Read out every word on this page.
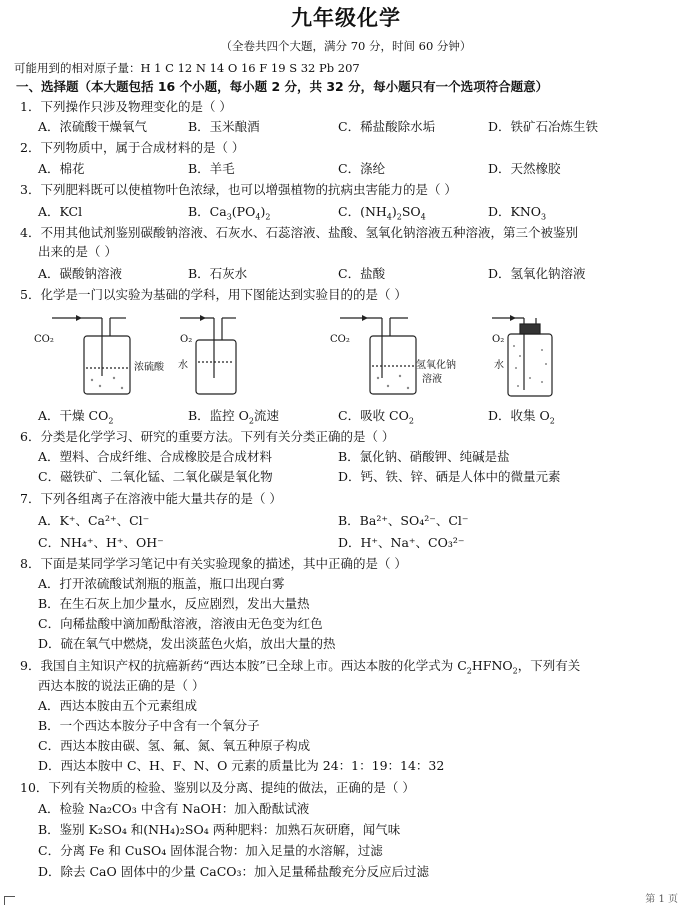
九年级化学
（全卷共四个大题，满分 70 分，时间 60 分钟）
可能用到的相对原子量：H 1 C 12 N 14 O 16 F 19 S 32 Pb 207
一、选择题（本大题包括 16 个小题，每小题 2 分，共 32 分，每小题只有一个选项符合题意）
1．下列操作只涉及物理变化的是（ ）
A．浓硫酸干燥氧气	B．玉米酿酒	C．稀盐酸除水垢	D．铁矿石冶炼生铁
2．下列物质中，属于合成材料的是（ ）
A．棉花	B．羊毛	C．涤纶	D．天然橡胶
3．下列肥料既可以使植物叶色浓绿，也可以增强植物的抗病虫害能力的是（ ）
A．KCl	B．$Ca_3(PO_4)_2$	C．$(NH_4)_2SO_4$	D．$KNO_3$
4．不用其他试剂鉴别碳酸钠溶液、石灰水、石蕊溶液、盐酸、氢氧化钠溶液五种溶液，第三个被鉴别
出来的是（ ）
A．碳酸钠溶液	B．石灰水	C．盐酸	D．氢氧化钠溶液
5．化学是一门以实验为基础的学科，用下图能达到实验目的的是（ ）
CO₂
浓硫酸
O₂
水
CO₂
氢氧化钠
溶液
O₂
水
A．干燥 $CO_2$	B．监控 $O_2$流速	C．吸收 $CO_2$	D．收集 $O_2$
6．分类是化学学习、研究的重要方法。下列有关分类正确的是（ ）
A．塑料、合成纤维、合成橡胶是合成材料	B．氯化钠、硝酸钾、纯碱是盐
C．磁铁矿、二氧化锰、二氧化碳是氧化物	D．钙、铁、锌、硒是人体中的微量元素
7．下列各组离子在溶液中能大量共存的是（ ）
A．K⁺、Ca²⁺、Cl⁻	B．Ba²⁺、SO₄²⁻、Cl⁻
C．NH₄⁺、H⁺、OH⁻	D．H⁺、Na⁺、CO₃²⁻
8．下面是某同学学习笔记中有关实验现象的描述，其中正确的是（ ）
A．打开浓硫酸试剂瓶的瓶盖，瓶口出现白雾
B．在生石灰上加少量水，反应剧烈，发出大量热
C．向稀盐酸中滴加酚酞溶液，溶液由无色变为红色
D．硫在氧气中燃烧，发出淡蓝色火焰，放出大量的热
9．我国自主知识产权的抗癌新药“西达本胺”已全球上市。西达本胺的化学式为 $C_2HFNO_2$，下列有关
西达本胺的说法正确的是（ ）
A．西达本胺由五个元素组成
B．一个西达本胺分子中含有一个氧分子
C．西达本胺由碳、氢、氟、氮、氧五种原子构成
D．西达本胺中 C、H、F、N、O 元素的质量比为 24：1：19：14：32
10．下列有关物质的检验、鉴别以及分离、提纯的做法，正确的是（ ）
A．检验 Na₂CO₃ 中含有 NaOH：加入酚酞试液
B．鉴别 K₂SO₄ 和(NH₄)₂SO₄ 两种肥料：加熟石灰研磨，闻气味
C．分离 Fe 和 CuSO₄ 固体混合物：加入足量的水溶解，过滤
D．除去 CaO 固体中的少量 CaCO₃：加入足量稀盐酸充分反应后过滤
第 1 页
